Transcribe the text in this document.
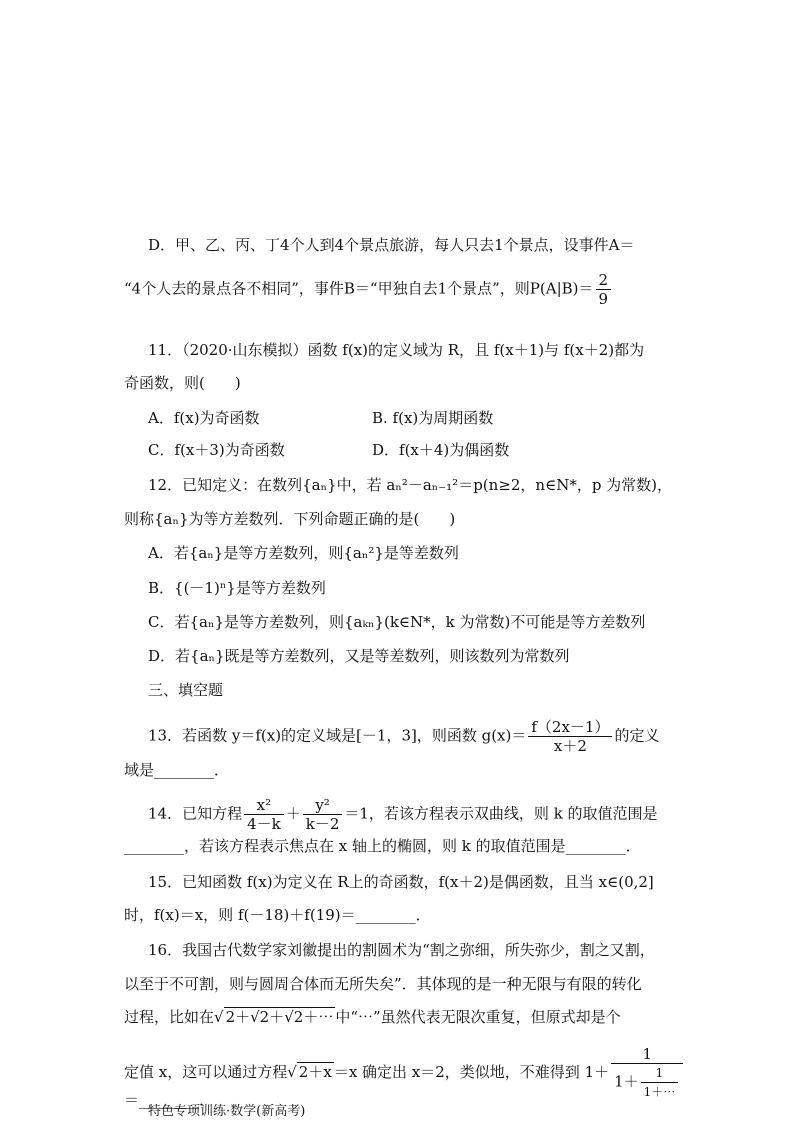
D．甲、乙、丙、丁4个人到4个景点旅游，每人只去1个景点，设事件A＝
“4个人去的景点各不相同”，事件B＝“甲独自去1个景点”，则$P(A|B)= \frac{2}{9}$
11．（2020·山东模拟）函数 f(x)的定义域为 R，且 f(x＋1)与 f(x＋2)都为
奇函数，则(　　)
A．f(x)为奇函数	B. f(x)为周期函数
C．f(x＋3)为奇函数	D．f(x＋4)为偶函数
12．已知定义：在数列{aₙ}中，若 aₙ²－aₙ₋₁²＝p(n≥2，n∈N*，p 为常数)，
则称{aₙ}为等方差数列．下列命题正确的是(　　)
A．若{aₙ}是等方差数列，则{aₙ²}是等差数列
B．{(－1)ⁿ}是等方差数列
C．若{aₙ}是等方差数列，则{aₖₙ}(k∈N*，k 为常数)不可能是等方差数列
D．若{aₙ}既是等方差数列，又是等差数列，则该数列为常数列
三、填空题
13．若函数 y＝f(x)的定义域是[－1，3]，则函数 $g(x)= \frac{f(2x-1)}{x+2}$ 的定义
域是________．
14．已知方程 $\frac{\text{x²}}{4-k} + \frac{\text{y²}}{k-2} =1$，若该方程表示双曲线，则 k 的取值范围是
________，若该方程表示焦点在 x 轴上的椭圆，则 k 的取值范围是________．
15．已知函数 f(x)为定义在 R上的奇函数，f(x＋2)是偶函数，且当 x∈(0,2]
时，f(x)＝x，则 f(－18)＋f(19)＝________．
16．我国古代数学家刘徽提出的割圆术为“割之弥细，所失弥少，割之又割，
以至于不可割，则与圆周合体而无所失矣”．其体现的是一种无限与有限的转化
过程，比如在√ 2＋√2＋√2＋⋯ 中“⋯”虽然代表无限次重复，但原式却是个
定值 x，这可以通过方程√ 2＋x ＝x 确定出 x＝2，类似地，不难得到 $1+ \frac{1}{1+ \frac{1}{1+\cdots}}$
＝________．
特色专项训练·数学(新高考)
